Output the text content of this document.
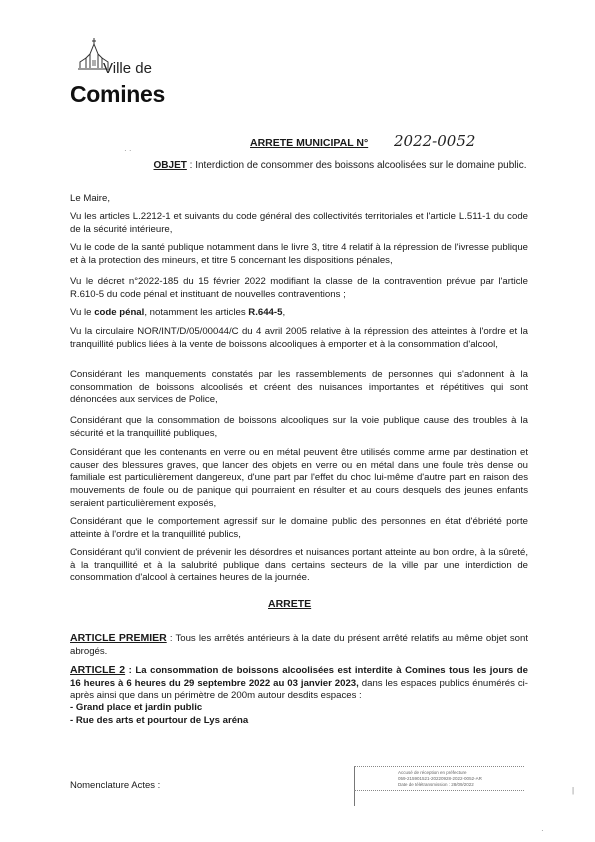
Ville de
Comines
· ·
ARRETE MUNICIPAL N° 2022-0052
OBJET : Interdiction de consommer des boissons alcoolisées sur le domaine public.
Le Maire,
Vu les articles L.2212-1 et suivants du code général des collectivités territoriales et l'article L.511-1 du code de la sécurité intérieure,
Vu le code de la santé publique notamment dans le livre 3, titre 4 relatif à la répression de l'ivresse publique et à la protection des mineurs, et titre 5 concernant les dispositions pénales,
Vu le décret n°2022-185 du 15 février 2022 modifiant la classe de la contravention prévue par l'article R.610-5 du code pénal et instituant de nouvelles contraventions ;
Vu le code pénal, notamment les articles R.644-5,
Vu la circulaire NOR/INT/D/05/00044/C du 4 avril 2005 relative à la répression des atteintes à l'ordre et la tranquillité publics liées à la vente de boissons alcooliques à emporter et à la consommation d'alcool,
Considérant les manquements constatés par les rassemblements de personnes qui s'adonnent à la consommation de boissons alcoolisés et créent des nuisances importantes et répétitives qui sont dénoncées aux services de Police,
Considérant que la consommation de boissons alcooliques sur la voie publique cause des troubles à la sécurité et la tranquillité publiques,
Considérant que les contenants en verre ou en métal peuvent être utilisés comme arme par destination et causer des blessures graves, que lancer des objets en verre ou en métal dans une foule très dense ou familiale est particulièrement dangereux, d'une part par l'effet du choc lui-même d'autre part en raison des mouvements de foule ou de panique qui pourraient en résulter et au cours desquels des jeunes enfants seraient particulièrement exposés,
Considérant que le comportement agressif sur le domaine public des personnes en état d'ébriété porte atteinte à l'ordre et la tranquillité publics,
Considérant qu'il convient de prévenir les désordres et nuisances portant atteinte au bon ordre, à la sûreté, à la tranquillité et à la salubrité publique dans certains secteurs de la ville par une interdiction de consommation d'alcool à certaines heures de la journée.
ARRETE
ARTICLE PREMIER : Tous les arrêtés antérieurs à la date du présent arrêté relatifs au même objet sont abrogés.
ARTICLE 2 : La consommation de boissons alcoolisées est interdite à Comines tous les jours de 16 heures à 6 heures du 29 septembre 2022 au 03 janvier 2023, dans les espaces publics énumérés ci-après ainsi que dans un périmètre de 200m autour desdits espaces :
- Grand place et jardin public
- Rue des arts et pourtour de Lys aréna
Accusé de réception en préfecture
059-215901521-20220928-2022-0052-AR
Date de télétransmission : 28/09/2022
Nomenclature Actes :	|
·
